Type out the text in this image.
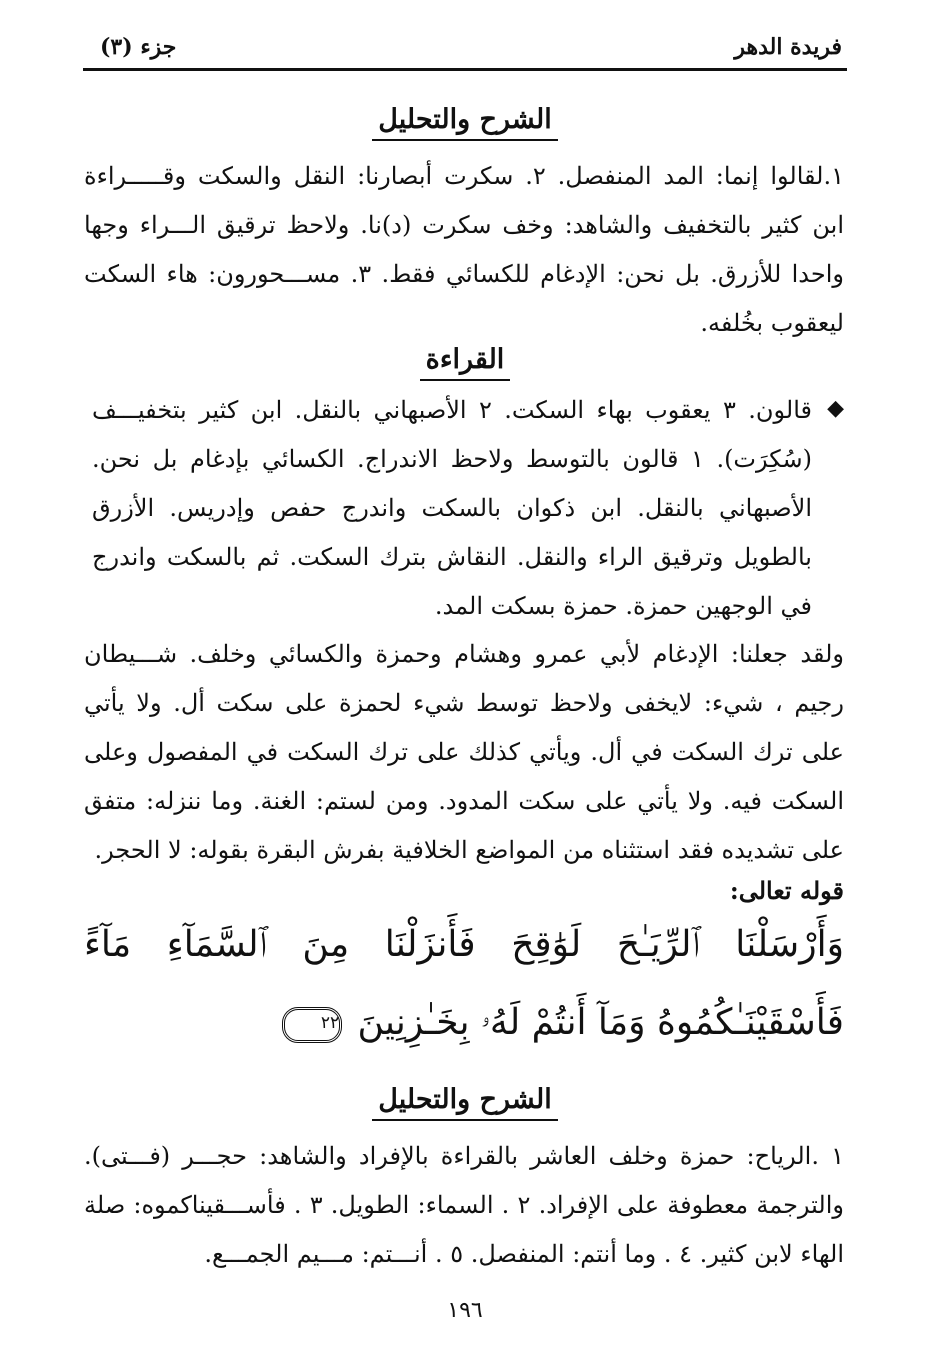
فريدة الدهر
جزء (٣)
الشرح والتحليل

١.لقالوا إنما: المد المنفصل. ٢. سكرت أبصارنا: النقل والسكت وقـــــراءة ابن كثير بالتخفيف والشاهد: وخف سكرت (د)نا. ولاحظ ترقيق الـــراء وجها واحدا للأزرق. بل نحن: الإدغام للكسائي فقط. ٣. مســـحورون: هاء السكت ليعقوب بخُلفه.

القراءة
◆

قالون. ٣ يعقوب بهاء السكت. ٢ الأصبهاني بالنقل. ابن كثير بتخفيـــف (سُكِرَت). ١ قالون بالتوسط ولاحظ الاندراج. الكسائي بإدغام بل نحن. الأصبهاني بالنقل. ابن ذكوان بالسكت واندرج حفص وإدريس. الأزرق بالطويل وترقيق الراء والنقل. النقاش بترك السكت. ثم بالسكت واندرج في الوجهين حمزة. حمزة بسكت المد.

ولقد جعلنا: الإدغام لأبي عمرو وهشام وحمزة والكسائي وخلف. شـــيطان رجيم ، شيء: لايخفى ولاحظ توسط شيء لحمزة على سكت أل. ولا يأتي على ترك السكت في أل. ويأتي كذلك على ترك السكت في المفصول وعلى السكت فيه. ولا يأتي على سكت المدود. ومن لستم: الغنة. وما ننزله: متفق على تشديده فقد استثناه من المواضع الخلافية بفرش البقرة بقوله: لا الحجر.

قوله تعالى:

وَأَرْسَلْنَا ٱلرِّيَـٰحَ لَوَٰقِحَ فَأَنزَلْنَا مِنَ ٱلسَّمَآءِ مَآءً فَأَسْقَيْنَـٰكُمُوهُ وَمَآ أَنتُمْ لَهُۥ بِخَـٰزِنِينَ ٢٢

الشرح والتحليل

١ .الرياح: حمزة وخلف العاشر بالقراءة بالإفراد والشاهد: حجـــر (فـــتى). والترجمة معطوفة على الإفراد. ٢ . السماء: الطويل. ٣ . فأســـقيناكموه: صلة الهاء لابن كثير. ٤ . وما أنتم: المنفصل. ٥ . أنـــتم: مـــيم الجمـــع.

١٩٦
